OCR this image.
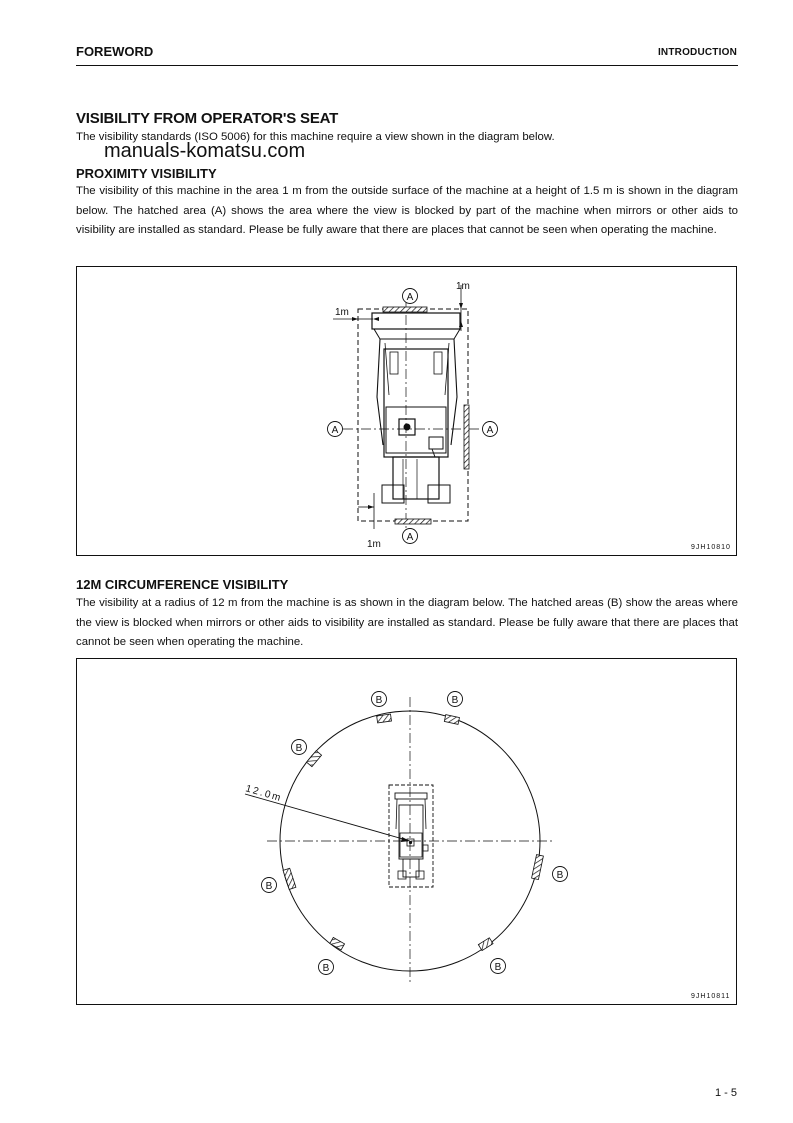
FOREWORD	INTRODUCTION
VISIBILITY FROM OPERATOR'S SEAT
The visibility standards (ISO 5006) for this machine require a view shown in the diagram below.
manuals-komatsu.com
PROXIMITY VISIBILITY
The visibility of this machine in the area 1 m from the outside surface of the machine at a height of 1.5 m is shown in the diagram below. The hatched area (A) shows the area where the view is blocked by part of the machine when mirrors or other aids to visibility are installed as standard. Please be fully aware that there are places that cannot be seen when operating the machine.
1m
1m
1m
A
A	A
A
9JH10810
12M CIRCUMFERENCE VISIBILITY
The visibility at a radius of 12 m from the machine is as shown in the diagram below. The hatched areas (B) show the areas where the view is blocked when mirrors or other aids to visibility are installed as standard. Please be fully aware that there are places that cannot be seen when operating the machine.
12.0m
B	B
B
B
B
B	B
9JH10811
1 - 5
